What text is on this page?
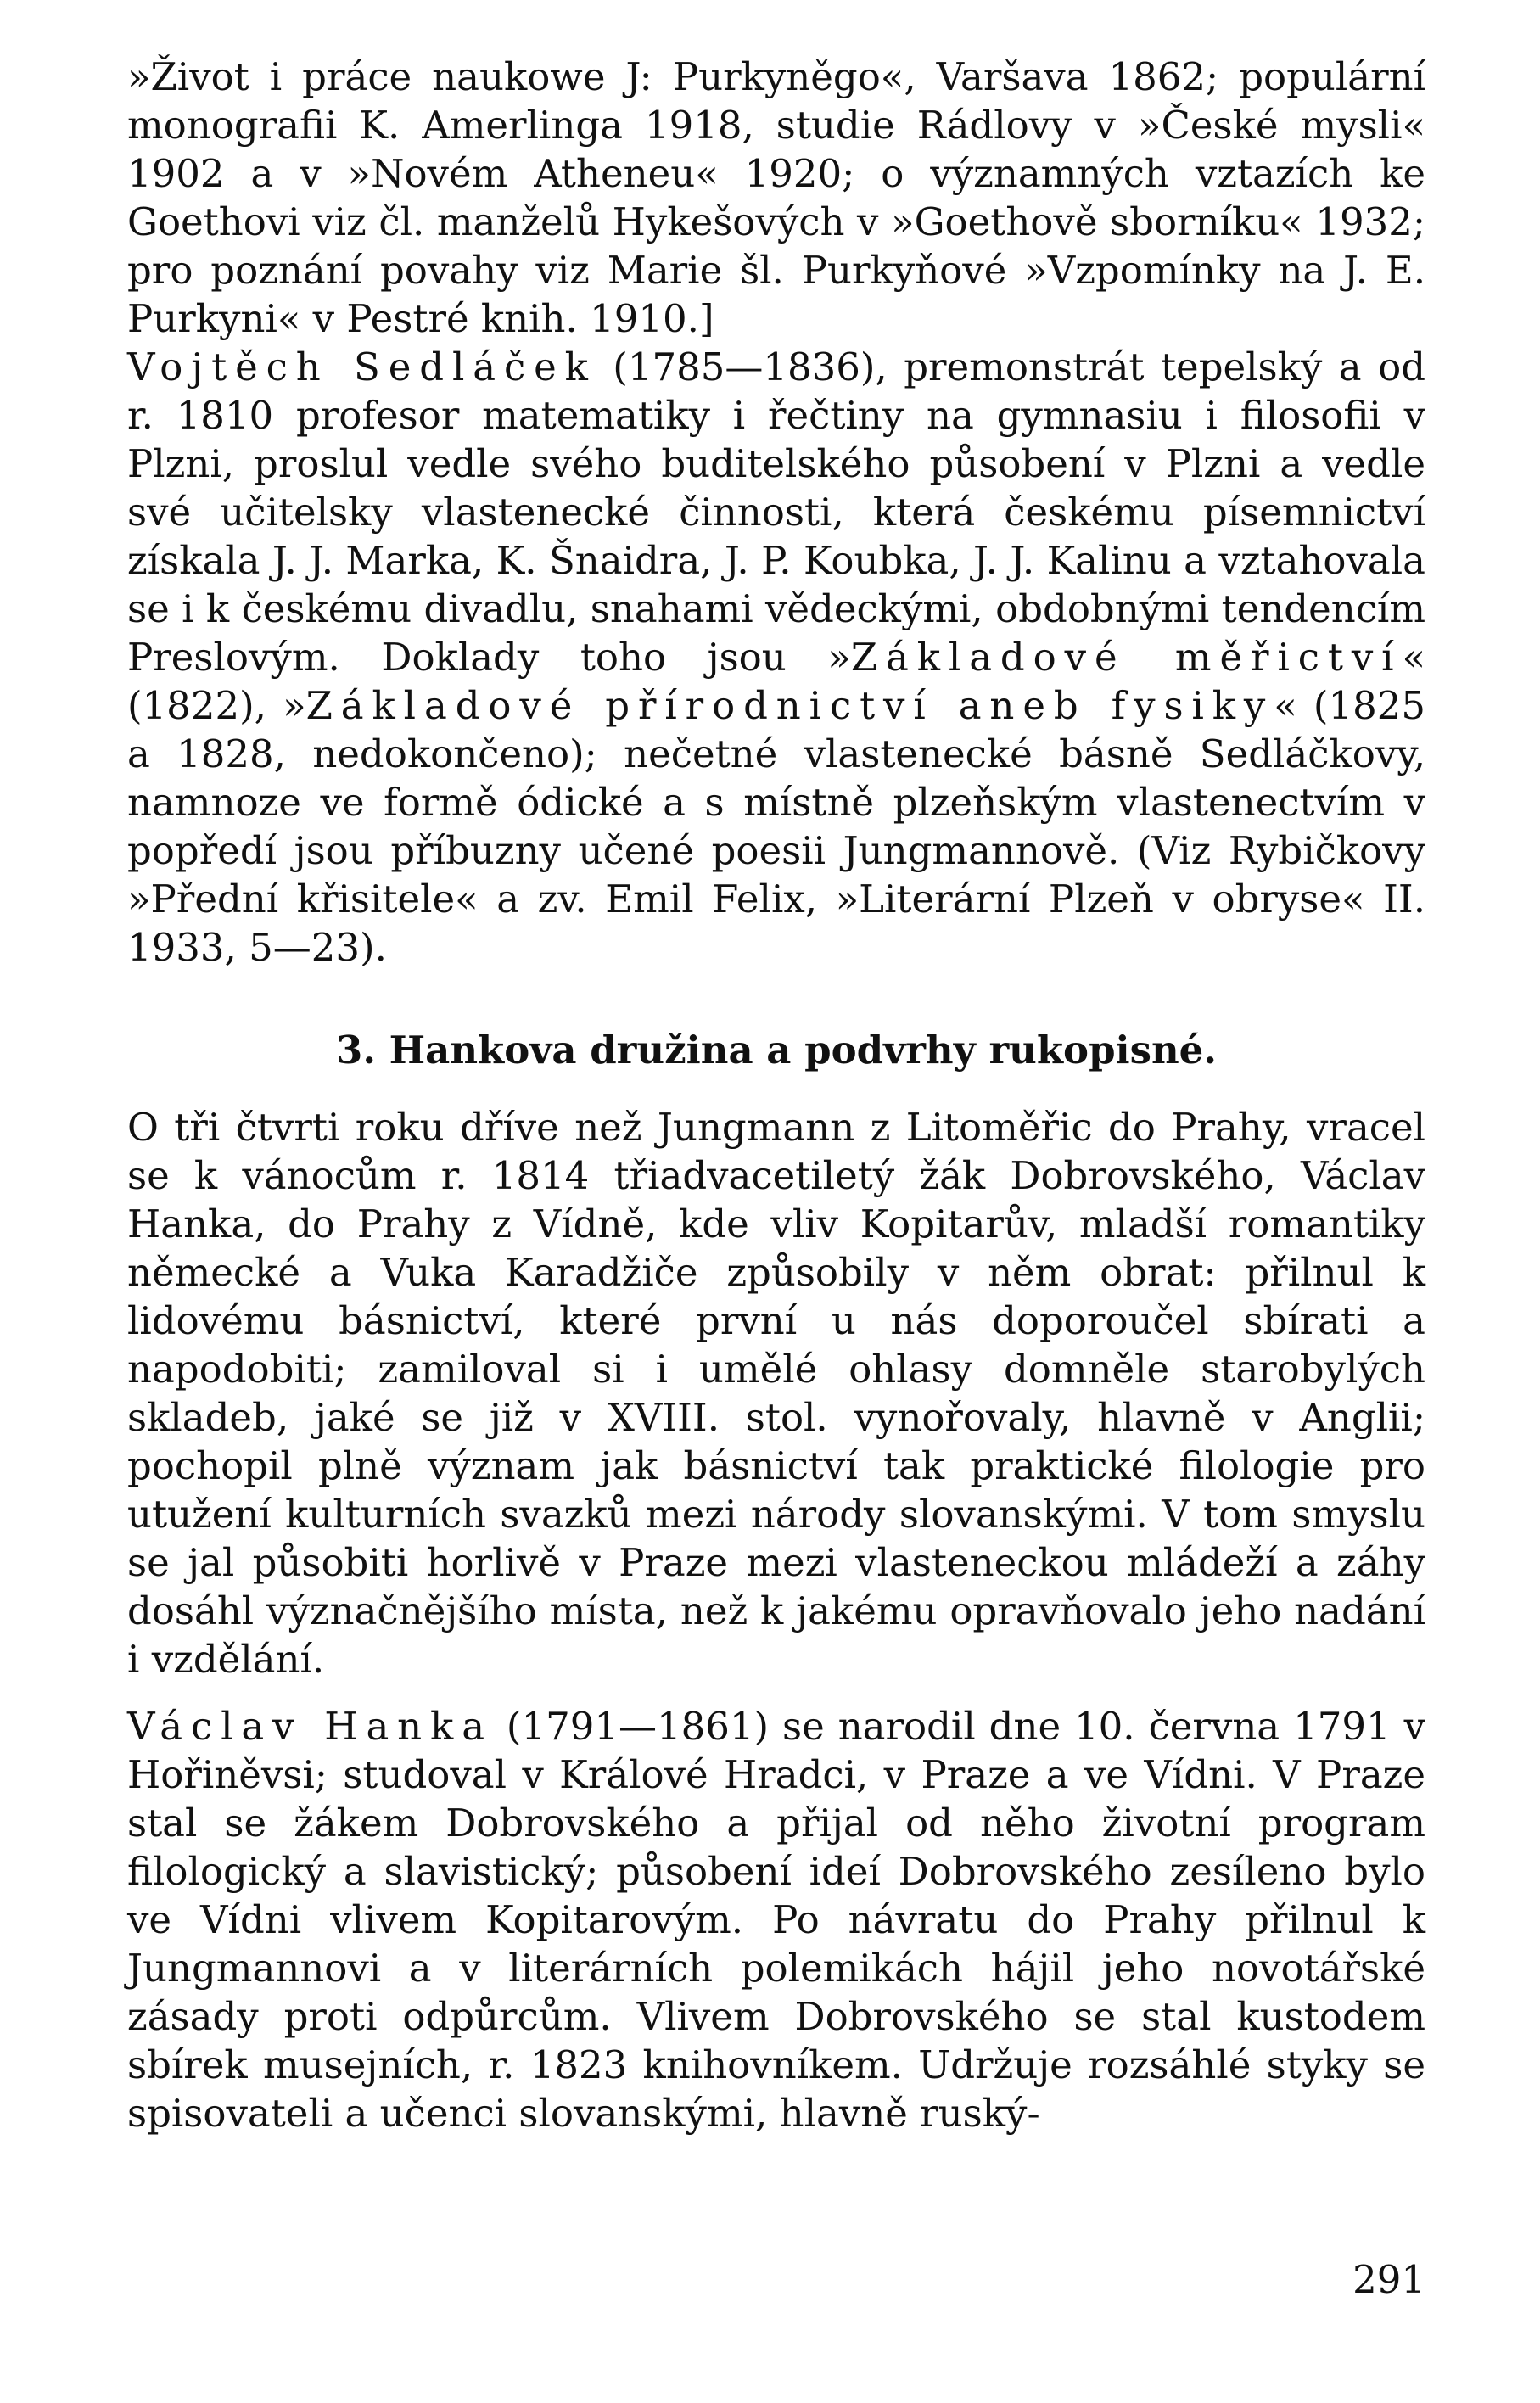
»Život i práce naukowe J: Purkyněgo«, Varšava 1862; populární monografii K. Amerlinga 1918, studie Rádlovy v »České mysli« 1902 a v »Novém Atheneu« 1920; o významných vztazích ke Goethovi viz čl. manželů Hykešových v »Goethově sborníku« 1932; pro poznání povahy viz Marie šl. Purkyňové »Vzpomínky na J. E. Purkyni« v Pestré knih. 1910.]

Vojtěch Sedláček (1785—1836), premonstrát tepelský a od r. 1810 profesor matematiky i řečtiny na gymnasiu i filosofii v Plzni, proslul vedle svého buditelského působení v Plzni a vedle své učitelsky vlastenecké činnosti, která českému písemnictví získala J. J. Marka, K. Šnaidra, J. P. Koubka, J. J. Kalinu a vztahovala se i k českému divadlu, snahami vědeckými, obdobnými tendencím Preslovým. Doklady toho jsou »Základové měřictví« (1822), »Základové přírodnictví aneb fysiky« (1825 a 1828, nedokončeno); nečetné vlastenecké básně Sedláčkovy, namnoze ve formě ódické a s místně plzeňským vlastenectvím v popředí jsou příbuzny učené poesii Jungmannově. (Viz Rybičkovy »Přední křisitele« a zv. Emil Felix, »Literární Plzeň v obryse« II. 1933, 5—23).

3. Hankova družina a podvrhy rukopisné.

O tři čtvrti roku dříve než Jungmann z Litoměřic do Prahy, vracel se k vánocům r. 1814 třiadvacetiletý žák Dobrovského, Václav Hanka, do Prahy z Vídně, kde vliv Kopitarův, mladší romantiky německé a Vuka Karadžiče způsobily v něm obrat: přilnul k lidovému básnictví, které první u nás doporoučel sbírati a napodobiti; zamiloval si i umělé ohlasy domněle starobylých skladeb, jaké se již v XVIII. stol. vynořovaly, hlavně v Anglii; pochopil plně význam jak básnictví tak praktické filologie pro utužení kulturních svazků mezi národy slovanskými. V tom smyslu se jal působiti horlivě v Praze mezi vlasteneckou mládeží a záhy dosáhl význačnějšího místa, než k jakému opravňovalo jeho nadání i vzdělání.

Václav Hanka (1791—1861) se narodil dne 10. června 1791 v Hořiněvsi; studoval v Králové Hradci, v Praze a ve Vídni. V Praze stal se žákem Dobrovského a přijal od něho životní program filologický a slavistický; působení ideí Dobrovského zesíleno bylo ve Vídni vlivem Kopitarovým. Po návratu do Prahy přilnul k Jungmannovi a v literárních polemikách hájil jeho novotářské zásady proti odpůrcům. Vlivem Dobrovského se stal kustodem sbírek musejních, r. 1823 knihovníkem. Udržuje rozsáhlé styky se spisovateli a učenci slovanskými, hlavně ruský-

291
